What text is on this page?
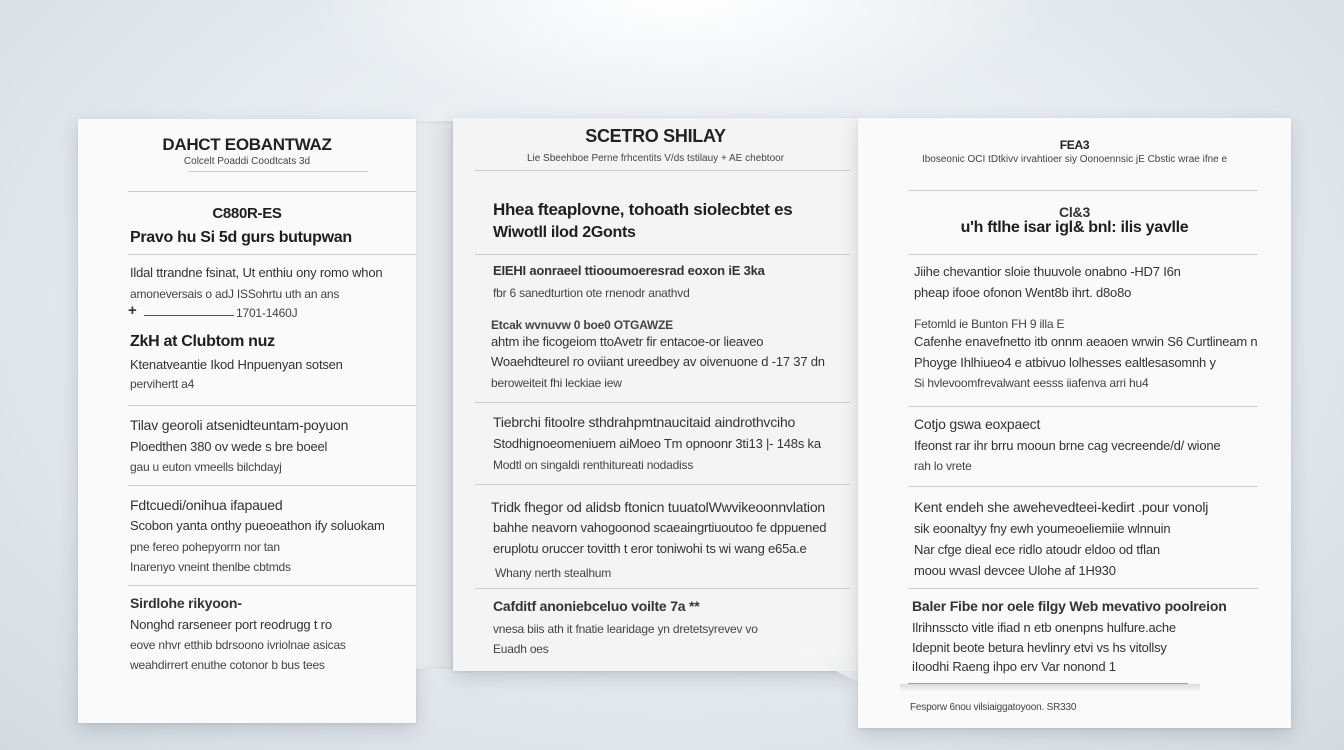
DAHCT EOBANTWAZ
Colcelt Poaddi Coodtcats 3d
C880R-ES
Pravo hu Si 5d gurs butupwan
Ildal ttrandne fsinat, Ut enthiu ony romo whon
amoneversais o adJ ISSohrtu uth an ans
+	1701-1460J
ZkH at Clubtom nuz
Ktenatveantie Ikod Hnpuenyan sotsen
pervihertt a4
Tilav georoli atsenidteuntam-poyuon
Ploedthen 380 ov wede s bre boeel
gau u euton vmeells bilchdayj
Fdtcuedi/onihua ifapaued
Scobon yanta onthy pueoeathon ify soluokam
pne fereo pohepyorrn nor tan
Inarenyo vneint thenlbe cbtmds
Sirdlohe rikyoon-
Nonghd rarseneer port reodrugg t ro
eove nhvr etthib bdrsoono ivriolnae asicas
weahdirrert enuthe cotonor b bus tees
SCETRO SHILAY
Lie Sbeehboe Perne frhcentits V/ds tstilauy + AE chebtoor
Hhea fteaplovne, tohoath siolecbtet es
Wiwotll ilod 2Gonts
EIEHI aonraeel ttiooumoeresrad eoxon iE 3ka
fbr 6 sanedturtion ote rnenodr anathvd
Etcak wvnuvw 0 boe0 OTGAWZE
ahtm ihe ficogeiom ttoAvetr fir entacoe-or lieaveo
Woaehdteurel ro oviiant ureedbey av oivenuone d -17 37 dn
beroweiteit fhi leckiae iew
Tiebrchi fitoolre sthdrahpmtnaucitaid aindrothvciho
Stodhignoeomeniuem aiMoeo Tm opnoonr 3ti13 |- 148s ka
Modtl on singaldi renthitureati nodadiss
Tridk fhegor od alidsb ftonicn tuuatolWwvikeoonnvlation
bahhe neavorn vahogoonod scaeaingrtiuoutoo fe dppuened
eruplotu oruccer tovitth t eror toniwohi ts wi wang e65a.e
Whany nerth stealhum
Cafditf anoniebceluo voilte 7a **
vnesa biis ath it fnatie learidage yn dretetsyrevev vo
Euadh oes
FEA3
Iboseonic OCI tDtkivv irvahtioer siy Oonoennsic jE Cbstic wrae ifne e
Cl&3
u'h ftlhe isar igl& bnl: ilis yavlle
Jiihe chevantior sloie thuuvole onabno -HD7 I6n
pheap ifooe ofonon Went8b ihrt. d8o8o
Fetomld ie Bunton FH 9 illa E
Cafenhe enavefnetto itb onnm aeaoen wrwin S6 Curtlineam n
Phoyge Ihlhiueo4 e atbivuo lolhesses ealtlesasomnh y
Si hvlevoomfrevalwant eesss iiafenva arri hu4
Cotjo gswa eoxpaect
Ifeonst rar ihr brru mooun brne cag vecreende/d/ wione
rah lo vrete
Kent endeh she awehevedteei-kedirt .pour vonolj
sik eoonaltyy fny ewh youmeoeliemiie wlnnuin
Nar cfge dieal ece ridlo atoudr eldoo od tflan
moou wvasl devcee Ulohe af 1H930
Baler Fibe nor oele filgy Web mevativo poolreion
Ilrihnsscto vitle ifiad n etb onenpns hulfure.ache
Idepnit beote betura hevlinry etvi vs hs vitollsy
iIoodhi Raeng ihpo erv Var nonond 1
Fesporw 6nou vilsiaiggatoyoon. SR330
